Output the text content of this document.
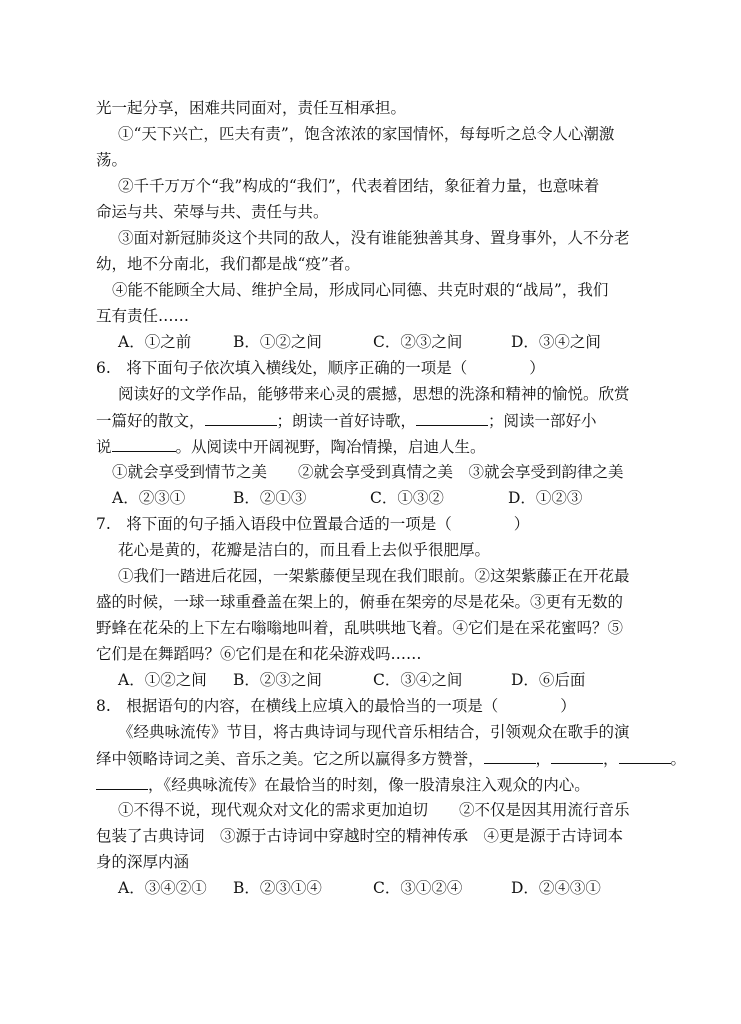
光一起分享，困难共同面对，责任互相承担。
①“天下兴亡，匹夫有责”，饱含浓浓的家国情怀，每每听之总令人心潮激
荡。
②千千万万个“我”构成的“我们”，代表着团结，象征着力量，也意味着
命运与共、荣辱与共、责任与共。
③面对新冠肺炎这个共同的敌人，没有谁能独善其身、置身事外，人不分老
幼，地不分南北，我们都是战“疫”者。
④能不能顾全大局、维护全局，形成同心同德、共克时艰的“战局”，我们
互有责任……
A．①之前	B．①②之间	C．②③之间	D．③④之间
6.　将下面句子依次填入横线处，顺序正确的一项是（　　　　）
阅读好的文学作品，能够带来心灵的震撼，思想的洗涤和精神的愉悦。欣赏
一篇好的散文，	；朗读一首好诗歌，	；阅读一部好小
说	。从阅读中开阔视野，陶冶情操，启迪人生。
①就会享受到情节之美　　②就会享受到真情之美　③就会享受到韵律之美
A．②③①	B．②①③	C．①③②	D．①②③
7.　将下面的句子插入语段中位置最合适的一项是（　　　　）
花心是黄的，花瓣是洁白的，而且看上去似乎很肥厚。
①我们一踏进后花园，一架紫藤便呈现在我们眼前。②这架紫藤正在开花最
盛的时候，一球一球重叠盖在架上的，俯垂在架旁的尽是花朵。③更有无数的
野蜂在花朵的上下左右嗡嗡地叫着，乱哄哄地飞着。④它们是在采花蜜吗？⑤
它们是在舞蹈吗？⑥它们是在和花朵游戏吗……
A．①②之间 B．②③之间	C．③④之间	D．⑥后面
8.　根据语句的内容，在横线上应填入的最恰当的一项是（　　　　）
《经典咏流传》节目，将古典诗词与现代音乐相结合，引领观众在歌手的演
绎中领略诗词之美、音乐之美。它之所以赢得多方赞誉，	，	，	。
，《经典咏流传》在最恰当的时刻，像一股清泉注入观众的内心。
①不得不说，现代观众对文化的需求更加迫切　　②不仅是因其用流行音乐
包装了古典诗词　③源于古诗词中穿越时空的精神传承　④更是源于古诗词本
身的深厚内涵
A．③④②① B．②③①④	C．③①②④	D．②④③①
